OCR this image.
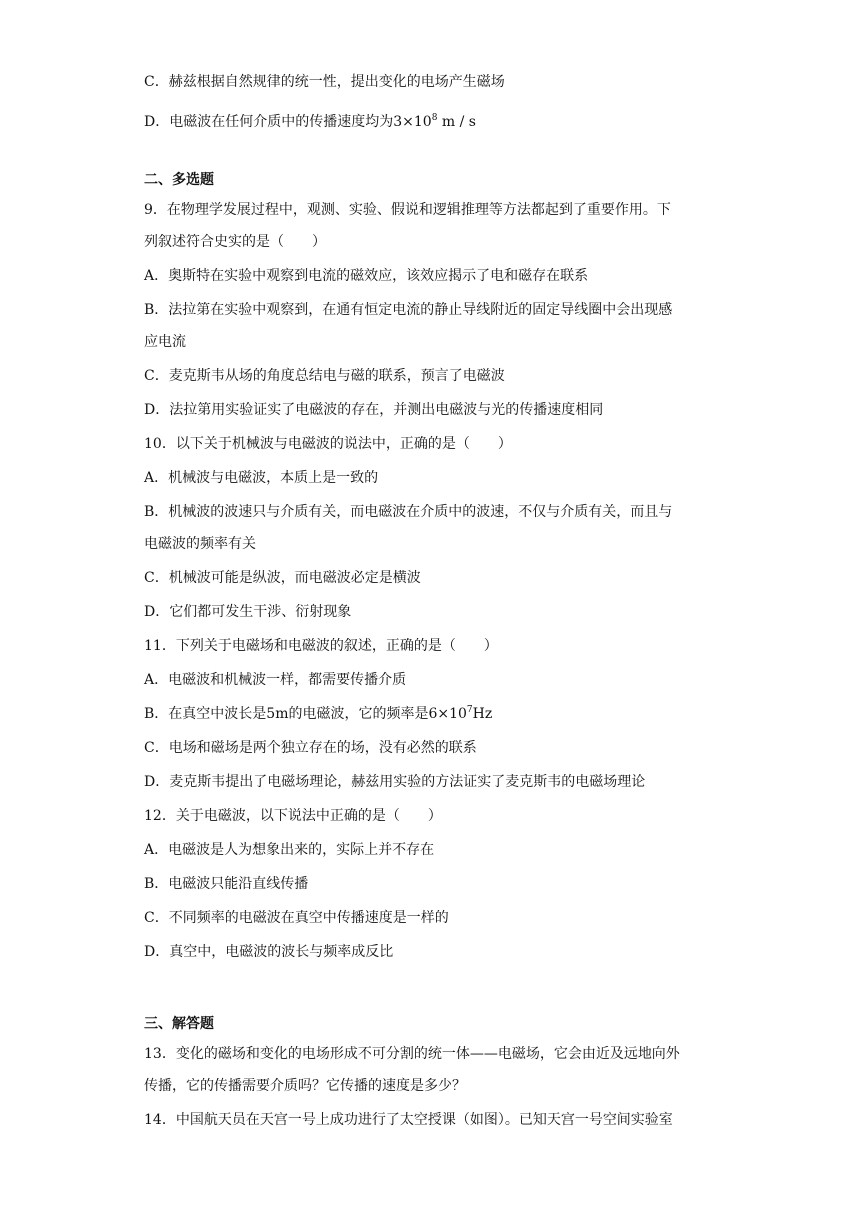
C．赫兹根据自然规律的统一性，提出变化的电场产生磁场
D．电磁波在任何介质中的传播速度均为$3\times 10^8$ m / s
二、多选题
9．在物理学发展过程中，观测、实验、假说和逻辑推理等方法都起到了重要作用。下
列叙述符合史实的是（　　）
A．奥斯特在实验中观察到电流的磁效应，该效应揭示了电和磁存在联系
B．法拉第在实验中观察到，在通有恒定电流的静止导线附近的固定导线圈中会出现感
应电流
C．麦克斯韦从场的角度总结电与磁的联系，预言了电磁波
D．法拉第用实验证实了电磁波的存在，并测出电磁波与光的传播速度相同
10．以下关于机械波与电磁波的说法中，正确的是（　　）
A．机械波与电磁波，本质上是一致的
B．机械波的波速只与介质有关，而电磁波在介质中的波速，不仅与介质有关，而且与
电磁波的频率有关
C．机械波可能是纵波，而电磁波必定是横波
D．它们都可发生干涉、衍射现象
11．下列关于电磁场和电磁波的叙述，正确的是（　　）
A．电磁波和机械波一样，都需要传播介质
B．在真空中波长是5m的电磁波，它的频率是$6\times 10^7Hz$
C．电场和磁场是两个独立存在的场，没有必然的联系
D．麦克斯韦提出了电磁场理论，赫兹用实验的方法证实了麦克斯韦的电磁场理论
12．关于电磁波，以下说法中正确的是（　　）
A．电磁波是人为想象出来的，实际上并不存在
B．电磁波只能沿直线传播
C．不同频率的电磁波在真空中传播速度是一样的
D．真空中，电磁波的波长与频率成反比
三、解答题
13．变化的磁场和变化的电场形成不可分割的统一体——电磁场，它会由近及远地向外
传播，它的传播需要介质吗？它传播的速度是多少？
14．中国航天员在天宫一号上成功进行了太空授课（如图）。已知天宫一号空间实验室
